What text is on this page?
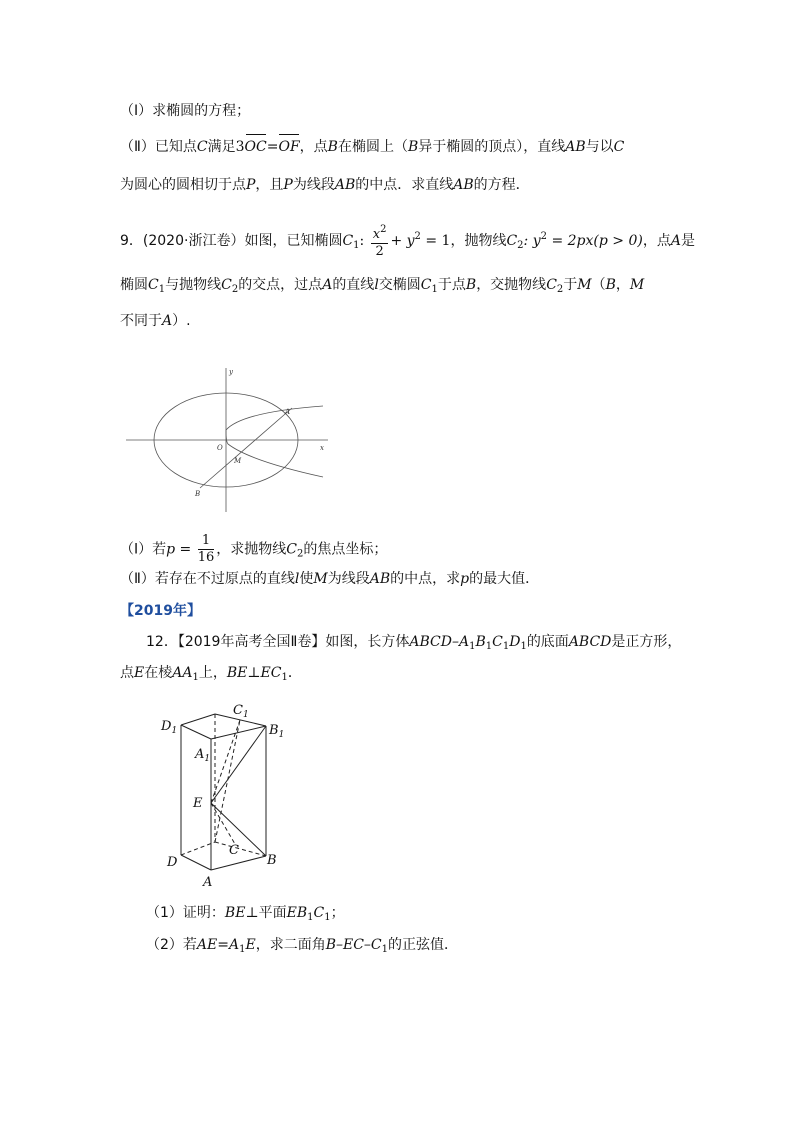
（Ⅰ）求椭圆的方程；
（Ⅱ）已知点C满足3OC=OF，点B在椭圆上（B异于椭圆的顶点），直线AB与以C
为圆心的圆相切于点P，且P为线段AB的中点．求直线AB的方程．
9．(2020·浙江卷）如图，已知椭圆$C_1$: $\frac{x^2}{2} + y^2 = 1$，抛物线$C_2$: $y^2 = 2px(p > 0)$，点A是
椭圆$C_1$与抛物线$C_2$的交点，过点A的直线l交椭圆$C_1$于点B，交抛物线$C_2$于M（B，M
不同于A）.
y
x
O
A
M
B
（Ⅰ）若$p = \frac{1}{16}$ ，求抛物线$C_2$的焦点坐标；
（Ⅱ）若存在不过原点的直线l使M为线段AB的中点，求p的最大值．
【2019年】
12．【2019年高考全国Ⅱ卷】如图，长方体ABCD–$A_1B_1C_1D_1$的底面ABCD是正方形，
点E在棱$AA_1$上，$BE\perp EC_1$．
$D_1$
$C_1$
$B_1$
$A_1$
E
C
D	B
A
（1）证明：BE⊥平面$EB_1C_1$；
（2）若$AE=A_1E$，求二面角$B-EC-C_1$的正弦值．
